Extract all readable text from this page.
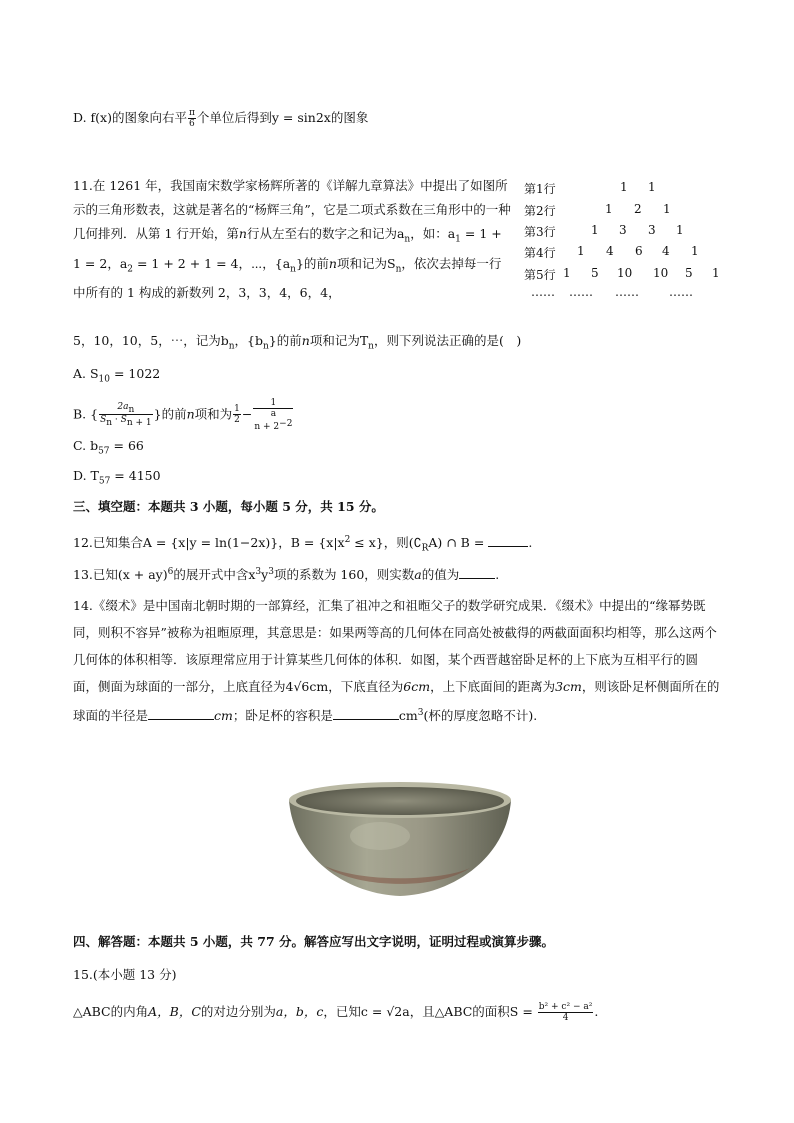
D. f(x)的图象向右平 $\frac{\pi}{6}$ 个单位后得到y = sin2x的图象
11.在 1261 年，我国南宋数学家杨辉所著的《详解九章算法》中提出了如图所示的三角形数表，这就是著名的“杨辉三角”，它是二项式系数在三角形中的一种几何排列．从第 1 行开始，第n行从左至右的数字之和记为$a_n$，如：$a_1 = 1 + 1 = 2$，$a_2 = 1 + 2 + 1 = 4$，⋯，$\{a_n\}$的前n项和记为$S_n$，依次去掉每一行中所有的 1 构成的新数列 2，3，3，4，6，4，
5，10，10，5，⋯，记为$b_n$，$\{b_n\}$的前n项和记为$T_n$，则下列说法正确的是(　)
A. $S_{10} = 1022$
B. { $\frac{2a_n}{S_n \cdot S_{n + 1}}$ }的前n项和为 $\frac{1}{2} - 1$
a
$_{n + 2}$−2
C. $b_{57} = 66$
D. $T_{57} = 4150$
第1行	1 1
第2行	1 2 1
第3行	1 3 3 1
第4行 1 4 6 4 1
第5行 1 5 10 10 5 1
…… …… ……	……
三、填空题：本题共 3 小题，每小题 5 分，共 15 分。
12.已知集合A = {x|y = ln(1−2x)}，$B = \{x|x^2 \le x\}$，则$(∁_RA)$ ∩ B =	.
13.已知(x + ay)$^6$的展开式中含$x^3y^3$项的系数为 160，则实数a的值为	.
14.《缀术》是中国南北朝时期的一部算经，汇集了祖冲之和祖暅父子的数学研究成果．《缀术》中提出的“缘幂势既同，则积不容异”被称为祖暅原理，其意思是：如果两等高的几何体在同高处被截得的两截面面积均相等，那么这两个几何体的体积相等．该原理常应用于计算某些几何体的体积．如图，某个西晋越窑卧足杯的上下底为互相平行的圆面，侧面为球面的一部分，上底直径为4√6cm，下底直径为6cm，上下底面间的距离为3cm，则该卧足杯侧面所在的球面的半径是	cm；卧足杯的容积是	$cm^3$(杯的厚度忽略不计).
四、解答题：本题共 5 小题，共 77 分。解答应写出文字说明，证明过程或演算步骤。
15.(本小题 13 分)
△ABC的内角A，B，C的对边分别为a，b，c，已知c = √2a，且△ABC的面积$S = \frac{\text{b² + c² − a²}}{4}$ .
